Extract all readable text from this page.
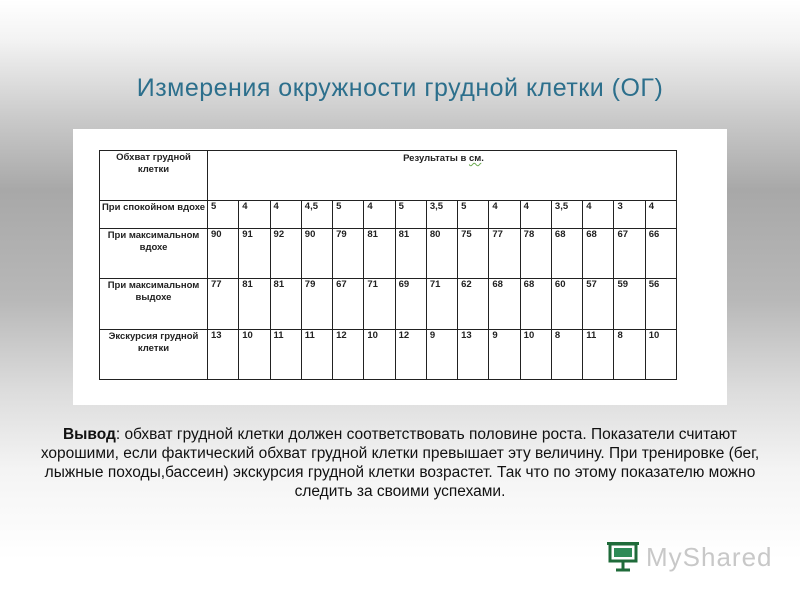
Измерения окружности грудной клетки (ОГ)
Обхват грудной клетки	Результаты в см.														
При спокойном вдохе	5	4	4	4,5	5	4	5	3,5	5	4	4	3,5	4	3	4
При максимальном вдохе	90	91	92	90	79	81	81	80	75	77	78	68	68	67	66
При максимальном выдохе	77	81	81	79	67	71	69	71	62	68	68	60	57	59	56
Экскурсия грудной клетки	13	10	11	11	12	10	12	9	13	9	10	8	11	8	10
Вывод: обхват грудной клетки должен соответствовать половине роста. Показатели считают хорошими, если фактический обхват грудной клетки превышает эту величину. При тренировке (бег, лыжные походы,бассеин) экскурсия грудной клетки возрастет. Так что по этому показателю можно следить за своими успехами.
MyShared
